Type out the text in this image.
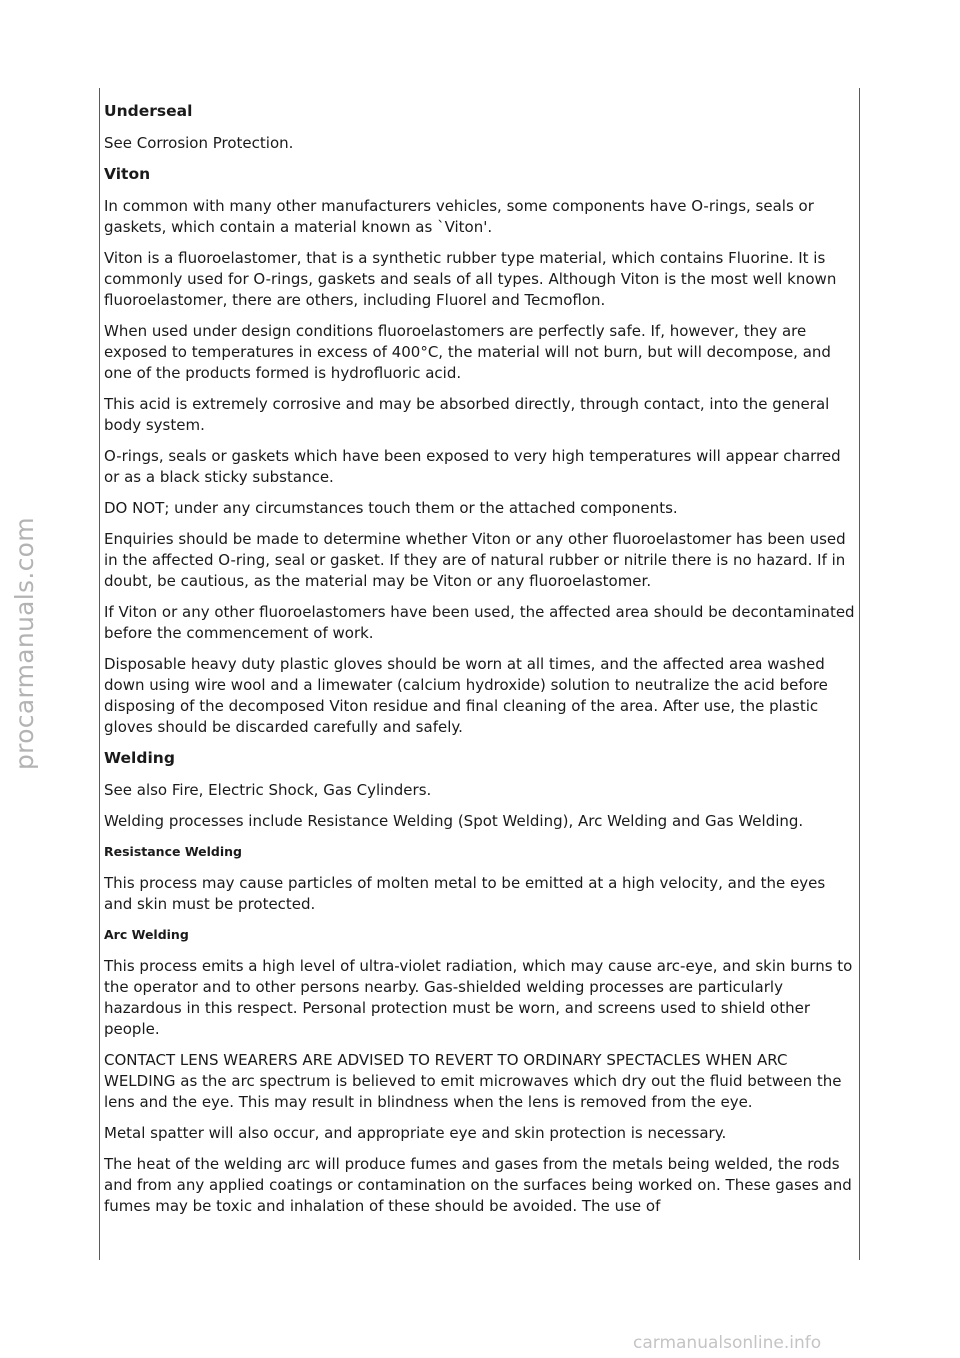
Underseal

See Corrosion Protection.

Viton

In common with many other manufacturers vehicles, some components have O-rings, seals or gaskets, which contain a material known as `Viton'.

Viton is a fluoroelastomer, that is a synthetic rubber type material, which contains Fluorine. It is commonly used for O-rings, gaskets and seals of all types. Although Viton is the most well known fluoroelastomer, there are others, including Fluorel and Tecmoflon.

When used under design conditions fluoroelastomers are perfectly safe. If, however, they are exposed to temperatures in excess of 400°C, the material will not burn, but will decompose, and one of the products formed is hydrofluoric acid.

This acid is extremely corrosive and may be absorbed directly, through contact, into the general body system.

O-rings, seals or gaskets which have been exposed to very high temperatures will appear charred or as a black sticky substance.

DO NOT; under any circumstances touch them or the attached components.

Enquiries should be made to determine whether Viton or any other fluoroelastomer has been used in the affected O-ring, seal or gasket. If they are of natural rubber or nitrile there is no hazard. If in doubt, be cautious, as the material may be Viton or any fluoroelastomer.

If Viton or any other fluoroelastomers have been used, the affected area should be decontaminated before the commencement of work.

Disposable heavy duty plastic gloves should be worn at all times, and the affected area washed down using wire wool and a limewater (calcium hydroxide) solution to neutralize the acid before disposing of the decomposed Viton residue and final cleaning of the area. After use, the plastic gloves should be discarded carefully and safely.

Welding

See also Fire, Electric Shock, Gas Cylinders.

Welding processes include Resistance Welding (Spot Welding), Arc Welding and Gas Welding.

Resistance Welding

This process may cause particles of molten metal to be emitted at a high velocity, and the eyes and skin must be protected.

Arc Welding

This process emits a high level of ultra-violet radiation, which may cause arc-eye, and skin burns to the operator and to other persons nearby. Gas-shielded welding processes are particularly hazardous in this respect. Personal protection must be worn, and screens used to shield other people.

CONTACT LENS WEARERS ARE ADVISED TO REVERT TO ORDINARY SPECTACLES WHEN ARC WELDING as the arc spectrum is believed to emit microwaves which dry out the fluid between the lens and the eye. This may result in blindness when the lens is removed from the eye.

Metal spatter will also occur, and appropriate eye and skin protection is necessary.

The heat of the welding arc will produce fumes and gases from the metals being welded, the rods and from any applied coatings or contamination on the surfaces being worked on. These gases and fumes may be toxic and inhalation of these should be avoided. The use of

procarmanuals.com
carmanualsonline.info
